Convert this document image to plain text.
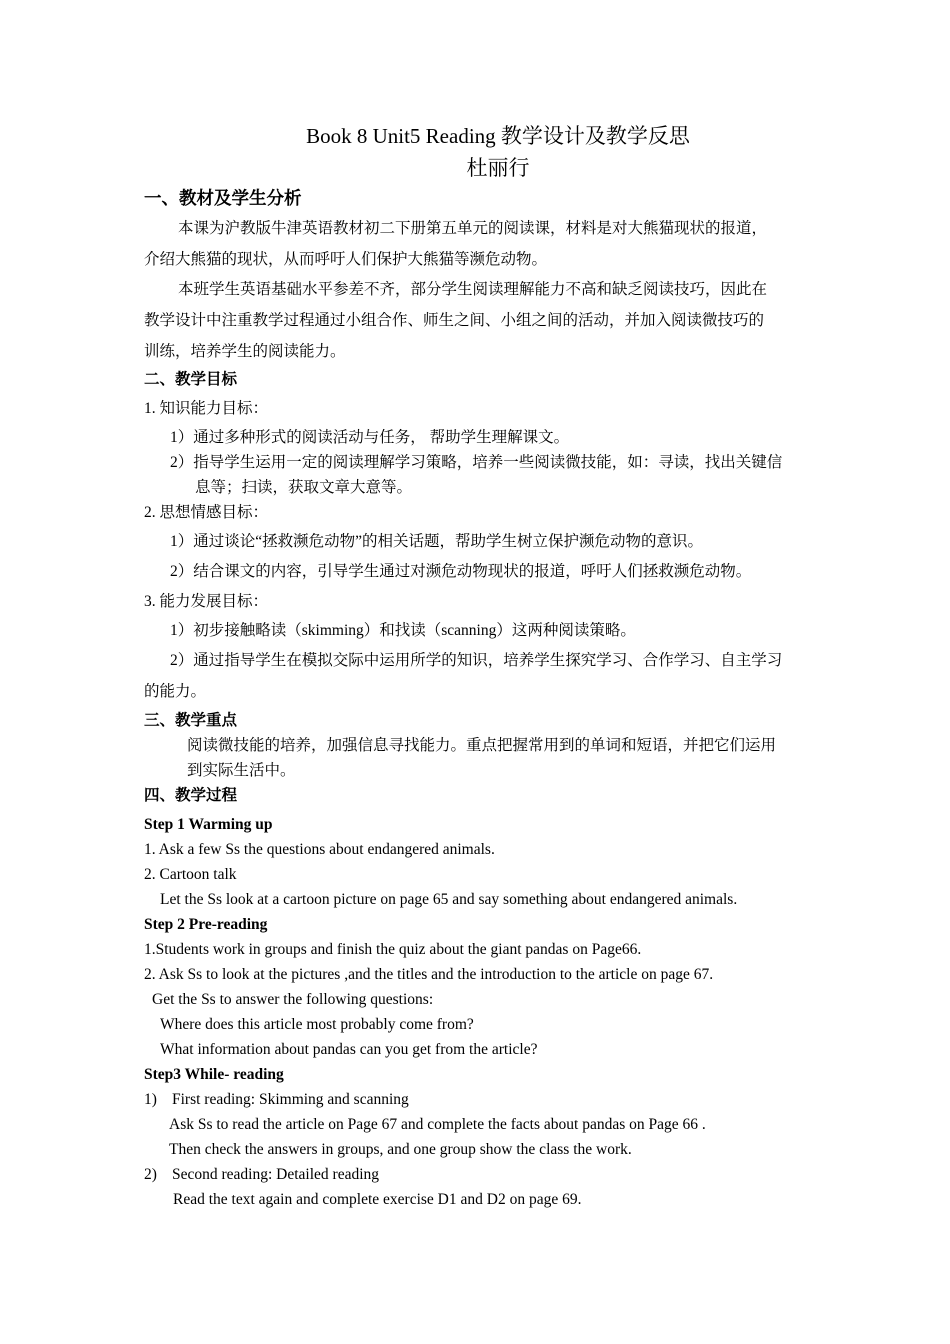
Book 8 Unit5 Reading 教学设计及教学反思
杜丽行
一、教材及学生分析
本课为沪教版牛津英语教材初二下册第五单元的阅读课，材料是对大熊猫现状的报道，
介绍大熊猫的现状，从而呼吁人们保护大熊猫等濒危动物。
本班学生英语基础水平参差不齐，部分学生阅读理解能力不高和缺乏阅读技巧，因此在
教学设计中注重教学过程通过小组合作、师生之间、小组之间的活动，并加入阅读微技巧的
训练，培养学生的阅读能力。
二、教学目标
1. 知识能力目标：
1）通过多种形式的阅读活动与任务， 帮助学生理解课文。
2）指导学生运用一定的阅读理解学习策略，培养一些阅读微技能，如：寻读，找出关键信
息等；扫读，获取文章大意等。
2. 思想情感目标：
1）通过谈论“拯救濒危动物”的相关话题，帮助学生树立保护濒危动物的意识。
2）结合课文的内容，引导学生通过对濒危动物现状的报道，呼吁人们拯救濒危动物。
3. 能力发展目标：
1）初步接触略读（skimming）和找读（scanning）这两种阅读策略。
2）通过指导学生在模拟交际中运用所学的知识，培养学生探究学习、合作学习、自主学习
的能力。
三、教学重点
阅读微技能的培养，加强信息寻找能力。重点把握常用到的单词和短语，并把它们运用
到实际生活中。
四、教学过程
Step 1 Warming up
1. Ask a few Ss the questions about endangered animals.
2. Cartoon talk
Let the Ss look at a cartoon picture on page 65 and say something about endangered animals.
Step 2 Pre-reading
1.Students work in groups and finish the quiz about the giant pandas on Page66.
2. Ask Ss to look at the pictures ,and the titles and the introduction to the article on page 67.
Get the Ss to answer the following questions:
Where does this article most probably come from?
What information about pandas can you get from the article?
Step3 While- reading
1) First reading: Skimming and scanning
Ask Ss to read the article on Page 67 and complete the facts about pandas on Page 66 .
Then check the answers in groups, and one group show the class the work.
2) Second reading: Detailed reading
Read the text again and complete exercise D1 and D2 on page 69.
